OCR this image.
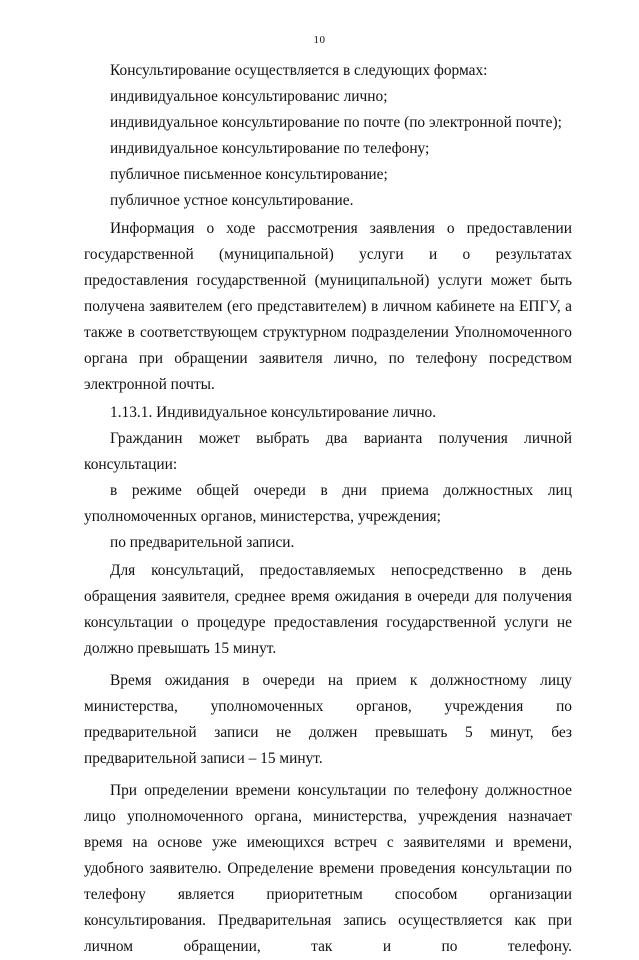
10

Консультирование осуществляется в следующих формах:

индивидуальное консультированис лично;

индивидуальное консультирование по почте (по электронной почте);

индивидуальное консультирование по телефону;

публичное письменное консультирование;

публичное устное консультирование.

Информация о ходе рассмотрения заявления о предоставлении государственной (муниципальной) услуги и о результатах предоставления государственной (муниципальной) услуги может быть получена заявителем (его представителем) в личном кабинете на ЕПГУ, а также в соответствующем структурном подразделении Уполномоченного органа при обращении заявителя лично, по телефону посредством электронной почты.

1.13.1. Индивидуальное консультирование лично.

Гражданин может выбрать два варианта получения личной консультации:

в режиме общей очереди в дни приема должностных лиц уполномоченных органов, министерства, учреждения;

по предварительной записи.

Для консультаций, предоставляемых непосредственно в день обращения заявителя, среднее время ожидания в очереди для получения консультации о процедуре предоставления государственной услуги не должно превышать 15 минут.

Время ожидания в очереди на прием к должностному лицу министерства, уполномоченных органов, учреждения по предварительной записи не должен превышать 5 минут, без предварительной записи – 15 минут.

При определении времени консультации по телефону должностное лицо уполномоченного органа, министерства, учреждения назначает время на основе уже имеющихся встреч с заявителями и времени, удобного заявителю. Определение времени проведения консультации по телефону является приоритетным способом организации консультирования. Предварительная запись осуществляется как при личном обращении, так и по телефону.
